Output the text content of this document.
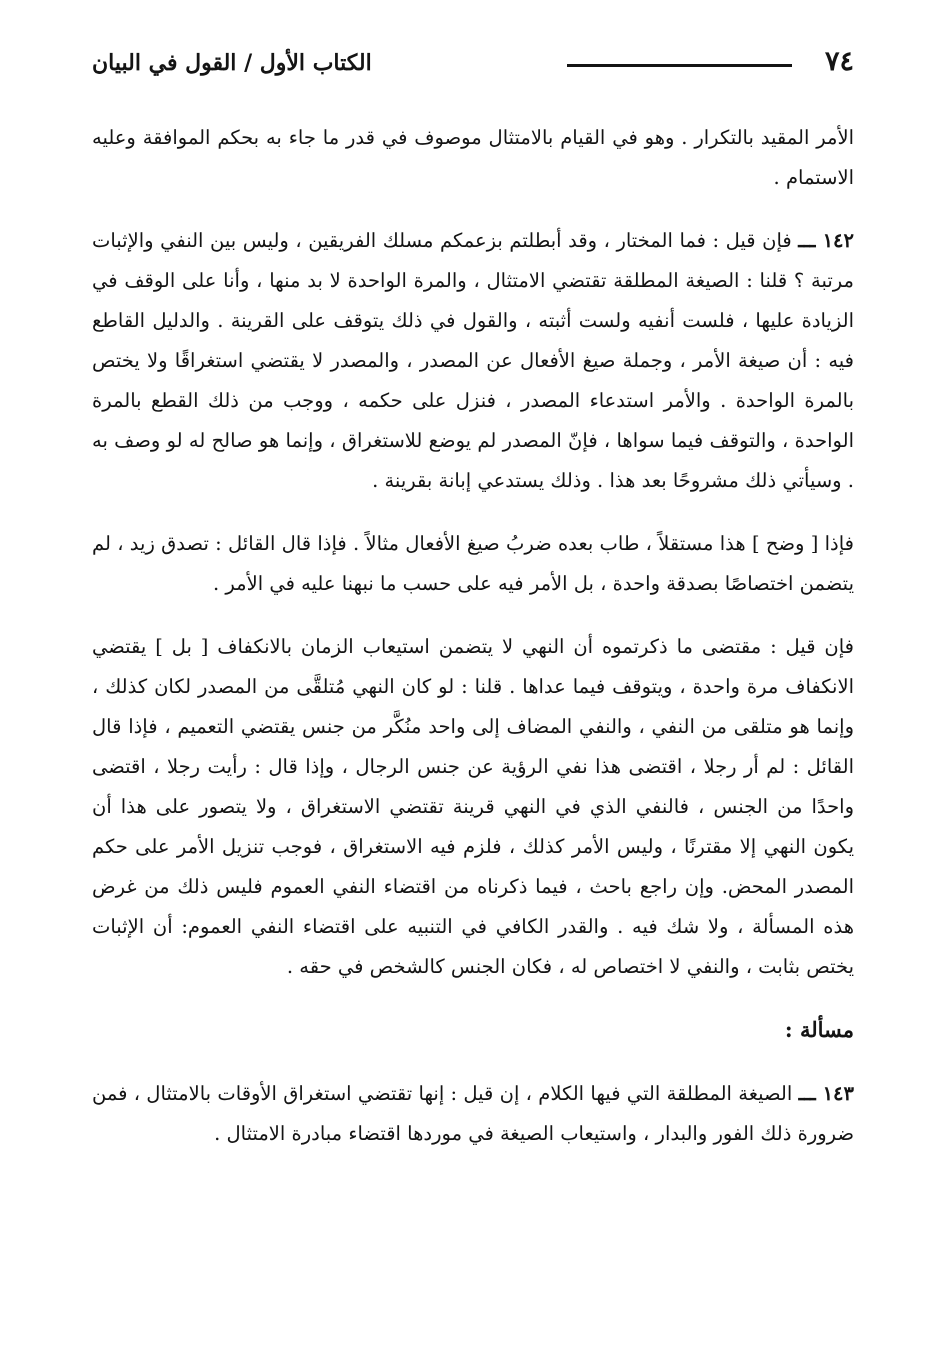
٧٤
الكتاب الأول / القول في البيان

الأمر المقيد بالتكرار . وهو في القيام بالامتثال موصوف في قدر ما جاء به بحكم الموافقة وعليه الاستمام .

١٤٢ ـــ فإن قيل : فما المختار ، وقد أبطلتم بزعمكم مسلك الفريقين ، وليس بين النفي والإثبات مرتبة ؟ قلنا : الصيغة المطلقة تقتضي الامتثال ، والمرة الواحدة لا بد منها ، وأنا على الوقف في الزيادة عليها ، فلست أنفيه ولست أثبته ، والقول في ذلك يتوقف على القرينة . والدليل القاطع فيه : أن صيغة الأمر ، وجملة صيغ الأفعال عن المصدر ، والمصدر لا يقتضي استغراقًا ولا يختص بالمرة الواحدة . والأمر استدعاء المصدر ، فنزل على حكمه ، ووجب من ذلك القطع بالمرة الواحدة ، والتوقف فيما سواها ، فإنّ المصدر لم يوضع للاستغراق ، وإنما هو صالح له لو وصف به . وسيأتي ذلك مشروحًا بعد هذا . وذلك يستدعي إبانة بقرينة .

فإذا [ وضح ] هذا مستقلاً ، طاب بعده ضربُ صيغ الأفعال مثالاً . فإذا قال القائل : تصدق زيد ، لم يتضمن اختصاصًا بصدقة واحدة ، بل الأمر فيه على حسب ما نبهنا عليه في الأمر .

فإن قيل : مقتضى ما ذكرتموه أن النهي لا يتضمن استيعاب الزمان بالانكفاف [ بل ] يقتضي الانكفاف مرة واحدة ، ويتوقف فيما عداها . قلنا : لو كان النهي مُتلقَّى من المصدر لكان كذلك ، وإنما هو متلقى من النفي ، والنفي المضاف إلى واحد منُكَّر من جنس يقتضي التعميم ، فإذا قال القائل : لم أر رجلا ، اقتضى هذا نفي الرؤية عن جنس الرجال ، وإذا قال : رأيت رجلا ، اقتضى واحدًا من الجنس ، فالنفي الذي في النهي قرينة تقتضي الاستغراق ، ولا يتصور على هذا أن يكون النهي إلا مقترنًا ، وليس الأمر كذلك ، فلزم فيه الاستغراق ، فوجب تنزيل الأمر على حكم المصدر المحض. وإن راجع باحث ، فيما ذكرناه من اقتضاء النفي العموم فليس ذلك من غرض هذه المسألة ، ولا شك فيه . والقدر الكافي في التنبيه على اقتضاء النفي العموم: أن الإثبات يختص بثابت ، والنفي لا اختصاص له ، فكان الجنس كالشخص في حقه .

مسألة :

١٤٣ ـــ الصيغة المطلقة التي فيها الكلام ، إن قيل : إنها تقتضي استغراق الأوقات بالامتثال ، فمن ضرورة ذلك الفور والبدار ، واستيعاب الصيغة في موردها اقتضاء مبادرة الامتثال .
